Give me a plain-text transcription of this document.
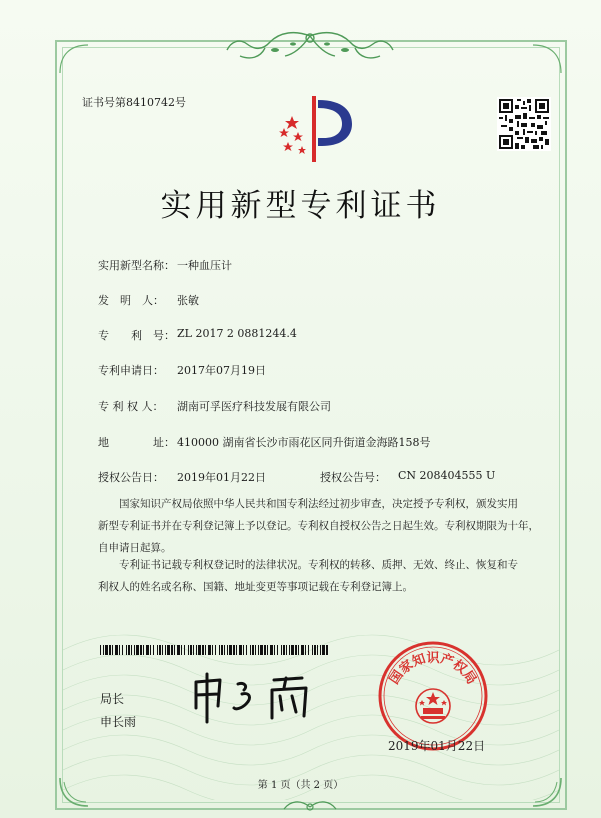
证书号第8410742号
实用新型专利证书
实用新型名称： 一种血压计
发　明　人： 张敏
专　　利　号： ZL 2017 2 0881244.4
专利申请日： 2017年07月19日
专 利 权 人： 湖南可孚医疗科技发展有限公司
地　　　　址： 410000 湖南省长沙市雨花区同升街道金海路158号
授权公告日： 2019年01月22日	授权公告号： CN 208404555 U
国家知识产权局依照中华人民共和国专利法经过初步审查，决定授予专利权，颁发实用
新型专利证书并在专利登记簿上予以登记。专利权自授权公告之日起生效。专利权期限为十年，
自申请日起算。
专利证书记载专利权登记时的法律状况。专利权的转移、质押、无效、终止、恢复和专
利权人的姓名或名称、国籍、地址变更等事项记载在专利登记簿上。
局长
申长雨
国家知识产权局
2019年01月22日
第 1 页（共 2 页）
